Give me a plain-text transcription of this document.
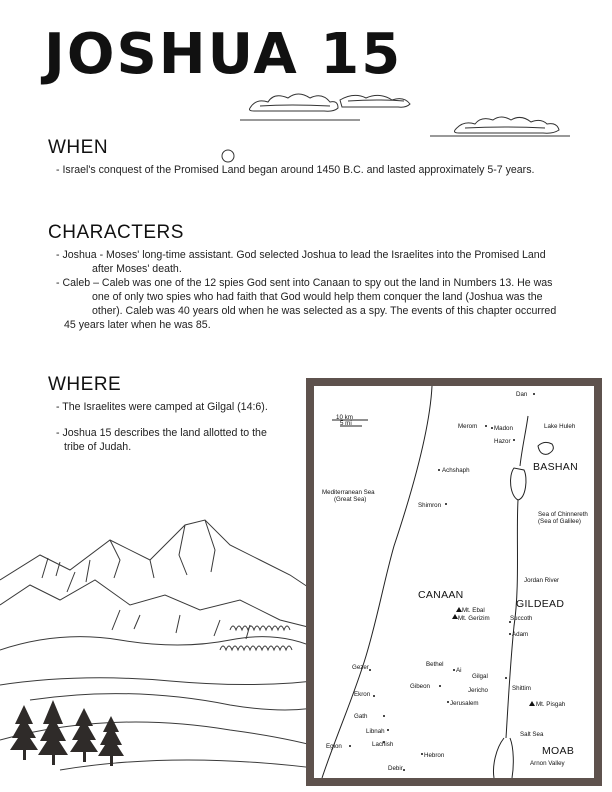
JOSHUA 15
WHEN

- Israel's conquest of the Promised Land began around 1450 B.C. and lasted approximately 5-7 years.

CHARACTERS

- Joshua - Moses' long-time assistant. God selected Joshua to lead the Israelites into the Promised Land

after Moses' death.

- Caleb – Caleb was one of the 12 spies God sent into Canaan to spy out the land in Numbers 13. He was

one of only two spies who had faith that God would help them conquer the land (Joshua was the

other). Caleb was 40 years old when he was selected as a spy. The events of this chapter occurred

45 years later when he was 85.

WHERE

- The Israelites were camped at Gilgal (14:6).

- Joshua 15 describes the land allotted to the

tribe of Judah.

BASHAN
CANAAN
GILDEAD
MOAB
10 km
5 mi
Mediterranean Sea
(Great Sea)
Sea of Chinnereth
(Sea of Galilee)
Jordan River
Lake Huleh
Salt Sea
Arnon Valley
Dan
Merom	Madon
Hazor
Achshaph
Shimron
Mt. Ebal
Mt. Gerizim	Succoth
Adam
Bethel
Ai
Gilgal
Gezer
Gibeon
Jericho	Shittim
Ekron
Jerusalem	Mt. Pisgah
Gath
Libnah
Lachish
Eglon
Hebron
Debir
